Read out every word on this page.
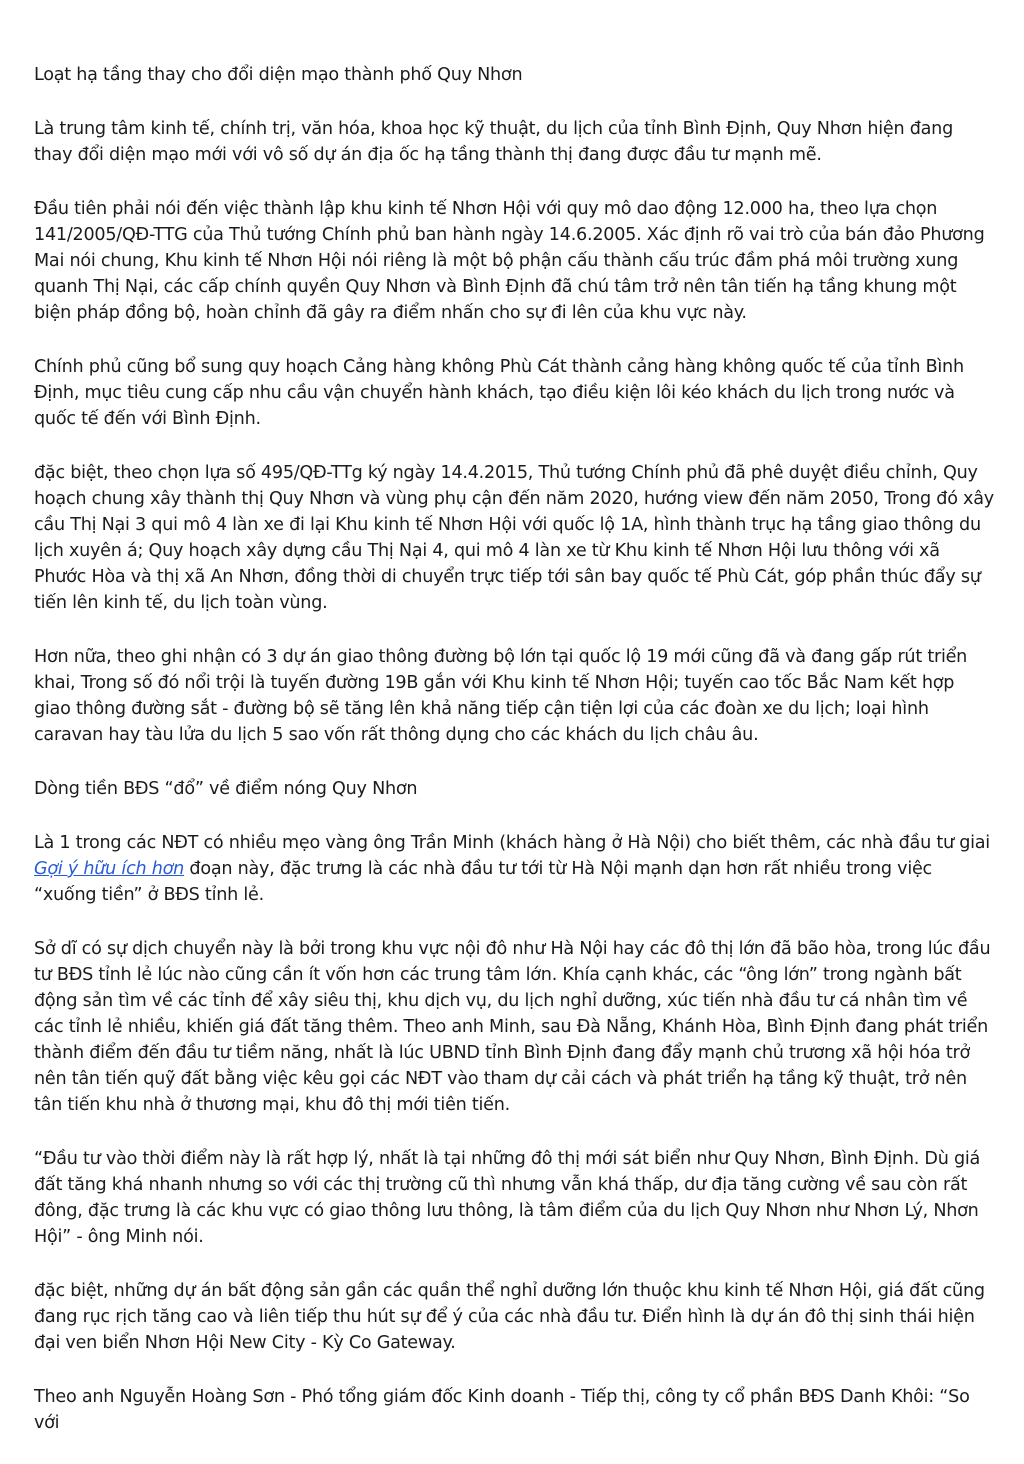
Loạt hạ tầng thay cho đổi diện mạo thành phố Quy Nhơn

Là trung tâm kinh tế, chính trị, văn hóa, khoa học kỹ thuật, du lịch của tỉnh Bình Định, Quy Nhơn hiện đang thay đổi diện mạo mới với vô số dự án địa ốc hạ tầng thành thị đang được đầu tư mạnh mẽ.

Đầu tiên phải nói đến việc thành lập khu kinh tế Nhơn Hội với quy mô dao động 12.000 ha, theo lựa chọn 141/2005/QĐ-TTG của Thủ tướng Chính phủ ban hành ngày 14.6.2005. Xác định rõ vai trò của bán đảo Phương Mai nói chung, Khu kinh tế Nhơn Hội nói riêng là một bộ phận cấu thành cấu trúc đầm phá môi trường xung quanh Thị Nại, các cấp chính quyền Quy Nhơn và Bình Định đã chú tâm trở nên tân tiến hạ tầng khung một biện pháp đồng bộ, hoàn chỉnh đã gây ra điểm nhấn cho sự đi lên của khu vực này.

Chính phủ cũng bổ sung quy hoạch Cảng hàng không Phù Cát thành cảng hàng không quốc tế của tỉnh Bình Định, mục tiêu cung cấp nhu cầu vận chuyển hành khách, tạo điều kiện lôi kéo khách du lịch trong nước và quốc tế đến với Bình Định.

đặc biệt, theo chọn lựa số 495/QĐ-TTg ký ngày 14.4.2015, Thủ tướng Chính phủ đã phê duyệt điều chỉnh, Quy hoạch chung xây thành thị Quy Nhơn và vùng phụ cận đến năm 2020, hướng view đến năm 2050, Trong đó xây cầu Thị Nại 3 qui mô 4 làn xe đi lại Khu kinh tế Nhơn Hội với quốc lộ 1A, hình thành trục hạ tầng giao thông du lịch xuyên á; Quy hoạch xây dựng cầu Thị Nại 4, qui mô 4 làn xe từ Khu kinh tế Nhơn Hội lưu thông với xã Phước Hòa và thị xã An Nhơn, đồng thời di chuyển trực tiếp tới sân bay quốc tế Phù Cát, góp phần thúc đẩy sự tiến lên kinh tế, du lịch toàn vùng.

Hơn nữa, theo ghi nhận có 3 dự án giao thông đường bộ lớn tại quốc lộ 19 mới cũng đã và đang gấp rút triển khai, Trong số đó nổi trội là tuyến đường 19B gắn với Khu kinh tế Nhơn Hội; tuyến cao tốc Bắc Nam kết hợp giao thông đường sắt - đường bộ sẽ tăng lên khả năng tiếp cận tiện lợi của các đoàn xe du lịch; loại hình caravan hay tàu lửa du lịch 5 sao vốn rất thông dụng cho các khách du lịch châu âu.

Dòng tiền BĐS “đổ” về điểm nóng Quy Nhơn

Là 1 trong các NĐT có nhiều mẹo vàng ông Trần Minh (khách hàng ở Hà Nội) cho biết thêm, các nhà đầu tư giai Gợi ý hữu ích hơn đoạn này, đặc trưng là các nhà đầu tư tới từ Hà Nội mạnh dạn hơn rất nhiều trong việc “xuống tiền” ở BĐS tỉnh lẻ.

Sở dĩ có sự dịch chuyển này là bởi trong khu vực nội đô như Hà Nội hay các đô thị lớn đã bão hòa, trong lúc đầu tư BĐS tỉnh lẻ lúc nào cũng cần ít vốn hơn các trung tâm lớn. Khía cạnh khác, các “ông lớn” trong ngành bất động sản tìm về các tỉnh để xây siêu thị, khu dịch vụ, du lịch nghỉ dưỡng, xúc tiến nhà đầu tư cá nhân tìm về các tỉnh lẻ nhiều, khiến giá đất tăng thêm. Theo anh Minh, sau Đà Nẵng, Khánh Hòa, Bình Định đang phát triển thành điểm đến đầu tư tiềm năng, nhất là lúc UBND tỉnh Bình Định đang đẩy mạnh chủ trương xã hội hóa trở nên tân tiến quỹ đất bằng việc kêu gọi các NĐT vào tham dự cải cách và phát triển hạ tầng kỹ thuật, trở nên tân tiến khu nhà ở thương mại, khu đô thị mới tiên tiến.

“Đầu tư vào thời điểm này là rất hợp lý, nhất là tại những đô thị mới sát biển như Quy Nhơn, Bình Định. Dù giá đất tăng khá nhanh nhưng so với các thị trường cũ thì nhưng vẫn khá thấp, dư địa tăng cường về sau còn rất đông, đặc trưng là các khu vực có giao thông lưu thông, là tâm điểm của du lịch Quy Nhơn như Nhơn Lý, Nhơn Hội” - ông Minh nói.

đặc biệt, những dự án bất động sản gần các quần thể nghỉ dưỡng lớn thuộc khu kinh tế Nhơn Hội, giá đất cũng đang rục rịch tăng cao và liên tiếp thu hút sự để ý của các nhà đầu tư. Điển hình là dự án đô thị sinh thái hiện đại ven biển Nhơn Hội New City - Kỳ Co Gateway.

Theo anh Nguyễn Hoàng Sơn - Phó tổng giám đốc Kinh doanh - Tiếp thị, công ty cổ phần BĐS Danh Khôi: “So với
